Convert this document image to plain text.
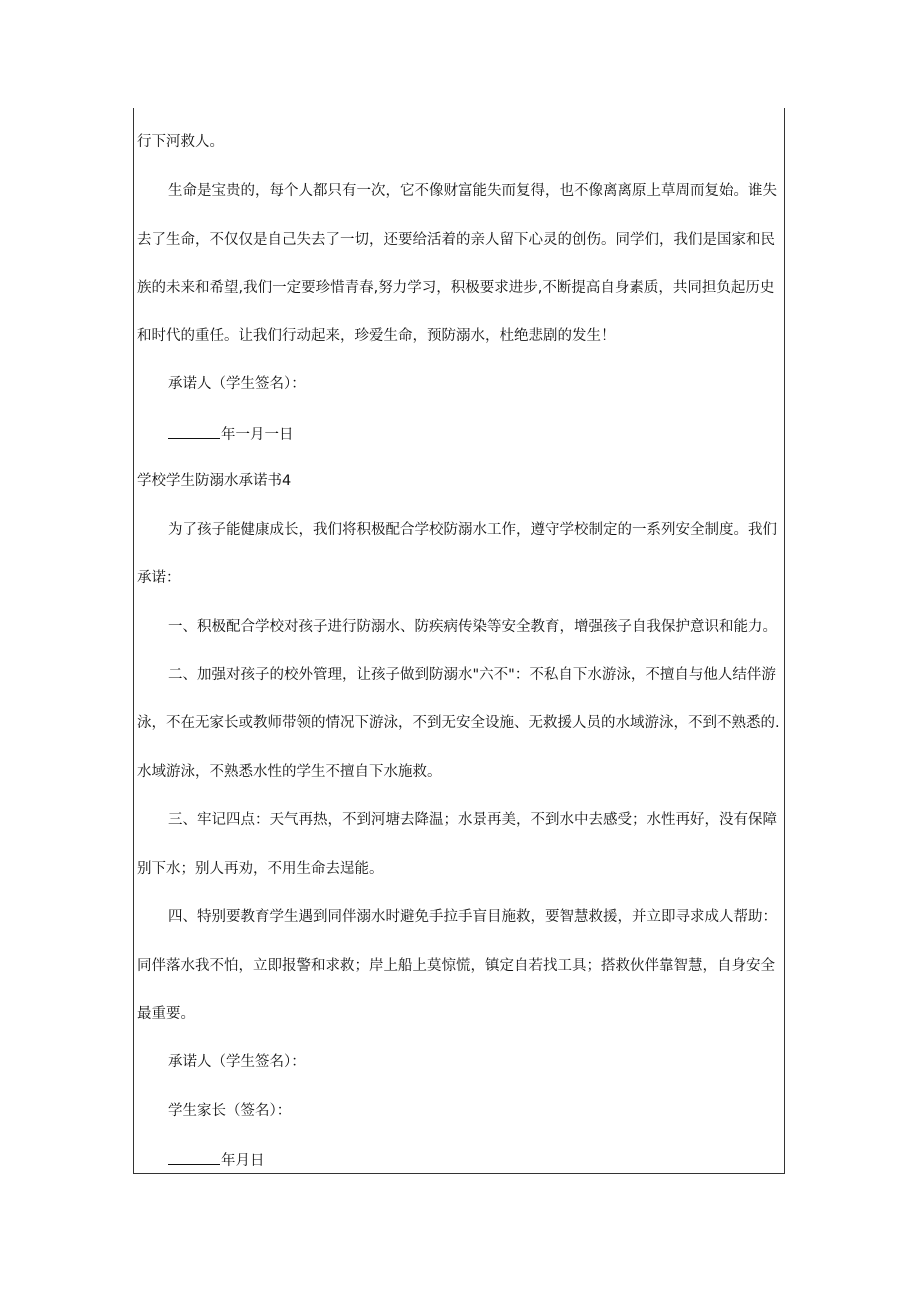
行下河救人。
生命是宝贵的，每个人都只有一次，它不像财富能失而复得，也不像离离原上草周而复始。谁失
去了生命，不仅仅是自己失去了一切，还要给活着的亲人留下心灵的创伤。同学们，我们是国家和民
族的未来和希望,我们一定要珍惜青春,努力学习，积极要求进步,不断提高自身素质，共同担负起历史
和时代的重任。让我们行动起来，珍爱生命，预防溺水，杜绝悲剧的发生！
承诺人（学生签名）：
年一月一日
学校学生防溺水承诺书4
为了孩子能健康成长，我们将积极配合学校防溺水工作，遵守学校制定的一系列安全制度。我们
承诺：
一、积极配合学校对孩子进行防溺水、防疾病传染等安全教育，增强孩子自我保护意识和能力。
二、加强对孩子的校外管理，让孩子做到防溺水"六不"：不私自下水游泳，不擅自与他人结伴游
泳，不在无家长或教师带领的情况下游泳，不到无安全设施、无救援人员的水域游泳，不到不熟悉的.
水域游泳，不熟悉水性的学生不擅自下水施救。
三、牢记四点：天气再热，不到河塘去降温；水景再美，不到水中去感受；水性再好，没有保障
别下水；别人再劝，不用生命去逞能。
四、特别要教育学生遇到同伴溺水时避免手拉手盲目施救，要智慧救援，并立即寻求成人帮助：
同伴落水我不怕，立即报警和求救；岸上船上莫惊慌，镇定自若找工具；搭救伙伴靠智慧，自身安全
最重要。
承诺人（学生签名）：
学生家长（签名）：
年月日
